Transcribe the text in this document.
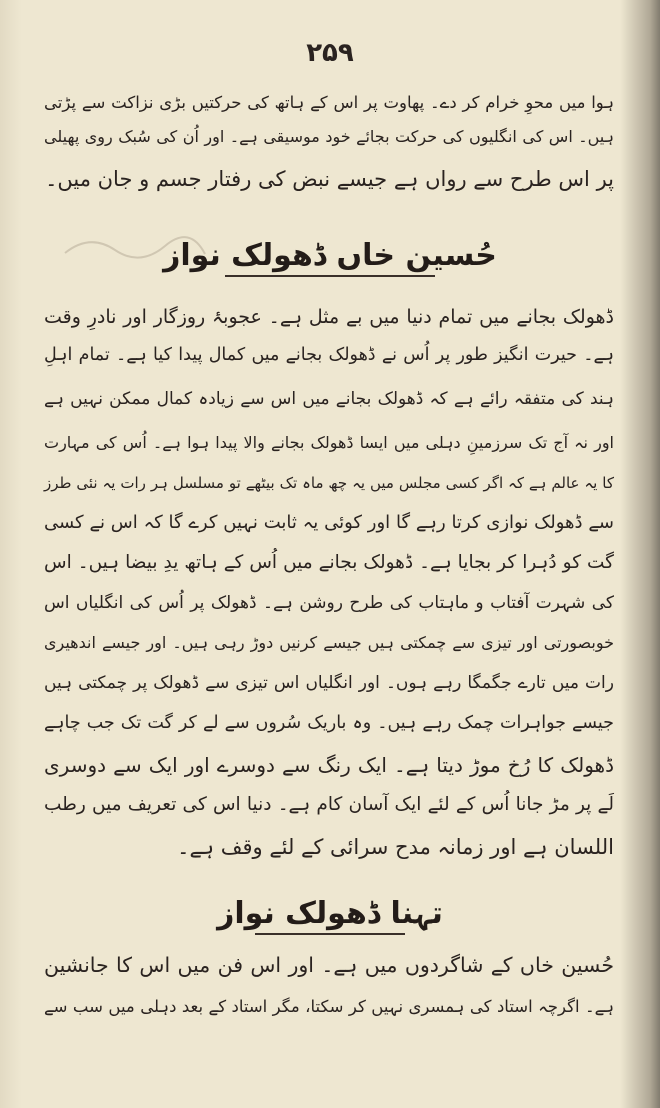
۲۵۹
ہوا میں محوِ خرام کر دے۔ پھاوت پر اس کے ہاتھ کی حرکتیں بڑی نزاکت سے پڑتی
ہیں۔ اس کی انگلیوں کی حرکت بجائے خود موسیقی ہے۔ اور اُن کی سُبک روی پھیلی
پر اس طرح سے رواں ہے جیسے نبض کی رفتار جسم و جان میں۔
حُسین خاں ڈھولک نواز
ڈھولک بجانے میں تمام دنیا میں بے مثل ہے۔ عجوبۂ روزگار اور نادرِ وقت
ہے۔ حیرت انگیز طور پر اُس نے ڈھولک بجانے میں کمال پیدا کیا ہے۔ تمام اہلِ
ہند کی متفقہ رائے ہے کہ ڈھولک بجانے میں اس سے زیادہ کمال ممکن نہیں ہے
اور نہ آج تک سرزمینِ دہلی میں ایسا ڈھولک بجانے والا پیدا ہوا ہے۔ اُس کی مہارت
کا یہ عالم ہے کہ اگر کسی مجلس میں یہ چھ ماہ تک بیٹھے تو مسلسل ہر رات یہ نئی طرز
سے ڈھولک نوازی کرتا رہے گا اور کوئی یہ ثابت نہیں کرے گا کہ اس نے کسی
گت کو دُہرا کر بجایا ہے۔ ڈھولک بجانے میں اُس کے ہاتھ یدِ بیضا ہیں۔ اس
کی شہرت آفتاب و ماہتاب کی طرح روشن ہے۔ ڈھولک پر اُس کی انگلیاں اس
خوبصورتی اور تیزی سے چمکتی ہیں جیسے کرنیں دوڑ رہی ہیں۔ اور جیسے اندھیری
رات میں تارے جگمگا رہے ہوں۔ اور انگلیاں اس تیزی سے ڈھولک پر چمکتی ہیں
جیسے جواہرات چمک رہے ہیں۔ وہ باریک سُروں سے لے کر گت تک جب چاہے
ڈھولک کا رُخ موڑ دیتا ہے۔ ایک رنگ سے دوسرے اور ایک سے دوسری
لَے پر مڑ جانا اُس کے لئے ایک آسان کام ہے۔ دنیا اس کی تعریف میں رطب
اللسان ہے اور زمانہ مدح سرائی کے لئے وقف ہے۔
تہنا ڈھولک نواز
حُسین خاں کے شاگردوں میں ہے۔ اور اس فن میں اس کا جانشین
ہے۔ اگرچہ استاد کی ہمسری نہیں کر سکتا، مگر استاد کے بعد دہلی میں سب سے
